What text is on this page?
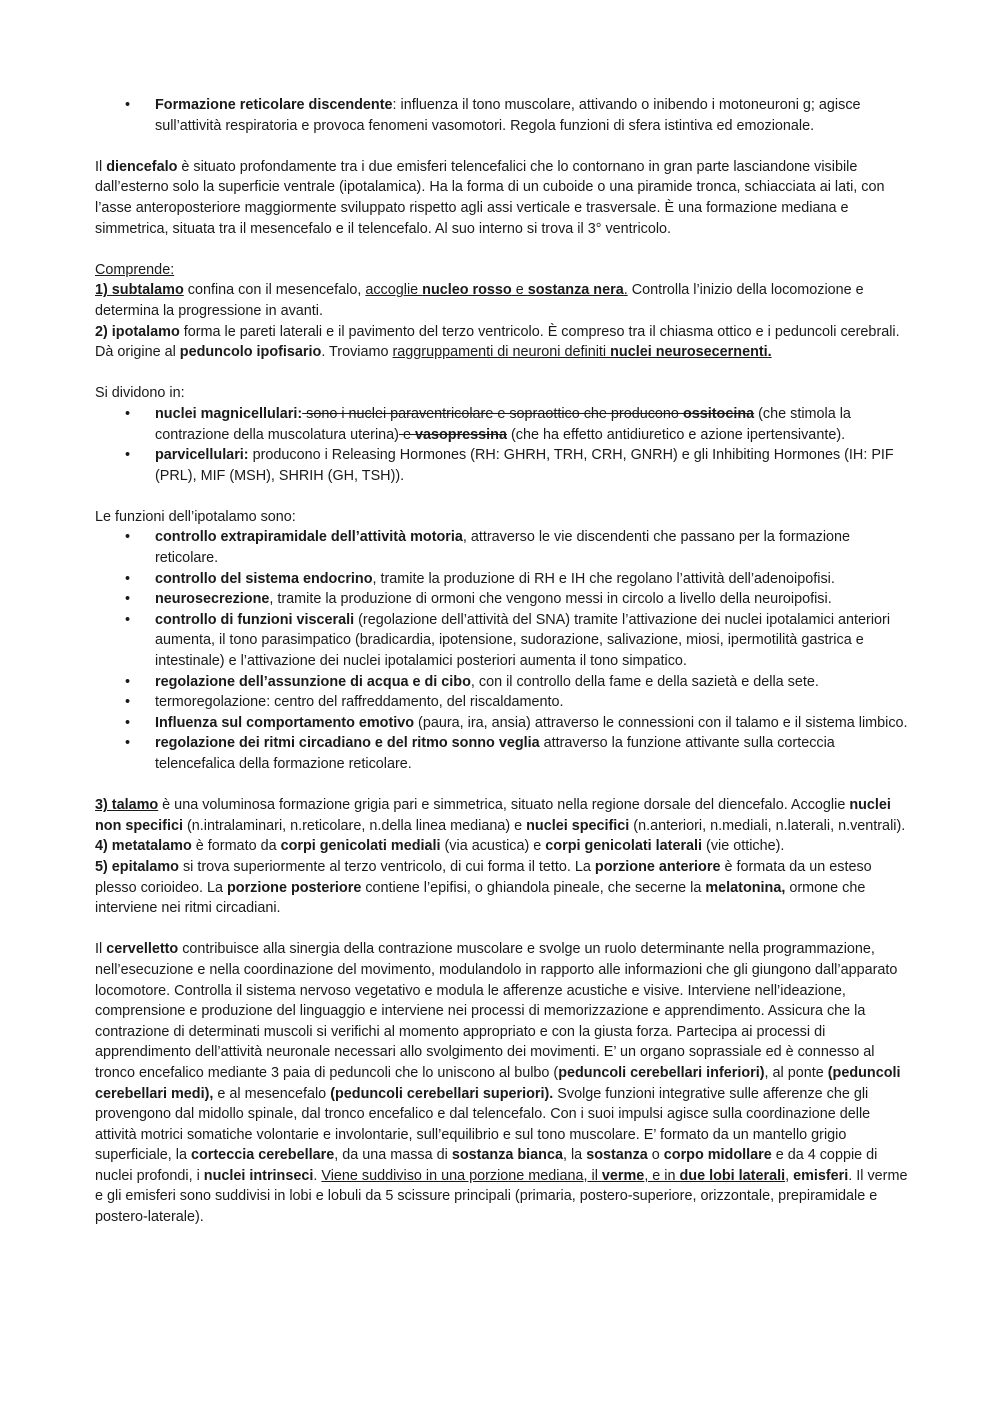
• Formazione reticolare discendente: influenza il tono muscolare, attivando o inibendo i motoneuroni g; agisce sull’attività respiratoria e provoca fenomeni vasomotori. Regola funzioni di sfera istintiva ed emozionale.

Il diencefalo è situato profondamente tra i due emisferi telencefalici che lo contornano in gran parte lasciandone visibile dall’esterno solo la superficie ventrale (ipotalamica). Ha la forma di un cuboide o una piramide tronca, schiacciata ai lati, con l’asse anteroposteriore maggiormente sviluppato rispetto agli assi verticale e trasversale. È una formazione mediana e simmetrica, situata tra il mesencefalo e il telencefalo. Al suo interno si trova il 3° ventricolo.

Comprende:

1) subtalamo confina con il mesencefalo, accoglie nucleo rosso e sostanza nera. Controlla l’inizio della locomozione e determina la progressione in avanti.

2) ipotalamo forma le pareti laterali e il pavimento del terzo ventricolo. È compreso tra il chiasma ottico e i peduncoli cerebrali. Dà origine al peduncolo ipofisario. Troviamo raggruppamenti di neuroni definiti nuclei neurosecernenti.

Si dividono in:

• nuclei magnicellulari: sono i nuclei paraventricolare e sopraottico che producono ossitocina (che stimola la contrazione della muscolatura uterina) e vasopressina (che ha effetto antidiuretico e azione ipertensivante).
• parvicellulari: producono i Releasing Hormones (RH: GHRH, TRH, CRH, GNRH) e gli Inhibiting Hormones (IH: PIF (PRL), MIF (MSH), SHRIH (GH, TSH)).

Le funzioni dell’ipotalamo sono:

• controllo extrapiramidale dell’attività motoria, attraverso le vie discendenti che passano per la formazione reticolare.
• controllo del sistema endocrino, tramite la produzione di RH e IH che regolano l’attività dell’adenoipofisi.
• neurosecrezione, tramite la produzione di ormoni che vengono messi in circolo a livello della neuroipofisi.
• controllo di funzioni viscerali (regolazione dell’attività del SNA) tramite l’attivazione dei nuclei ipotalamici anteriori aumenta, il tono parasimpatico (bradicardia, ipotensione, sudorazione, salivazione, miosi, ipermotilità gastrica e intestinale) e l’attivazione dei nuclei ipotalamici posteriori aumenta il tono simpatico.
• regolazione dell’assunzione di acqua e di cibo, con il controllo della fame e della sazietà e della sete.
• termoregolazione: centro del raffreddamento, del riscaldamento.
• Influenza sul comportamento emotivo (paura, ira, ansia) attraverso le connessioni con il talamo e il sistema limbico.
• regolazione dei ritmi circadiano e del ritmo sonno veglia attraverso la funzione attivante sulla corteccia telencefalica della formazione reticolare.

3) talamo è una voluminosa formazione grigia pari e simmetrica, situato nella regione dorsale del diencefalo. Accoglie nuclei non specifici (n.intralaminari, n.reticolare, n.della linea mediana) e nuclei specifici (n.anteriori, n.mediali, n.laterali, n.ventrali).

4) metatalamo è formato da corpi genicolati mediali (via acustica) e corpi genicolati laterali (vie ottiche).

5) epitalamo si trova superiormente al terzo ventricolo, di cui forma il tetto. La porzione anteriore è formata da un esteso plesso corioideo. La porzione posteriore contiene l’epifisi, o ghiandola pineale, che secerne la melatonina, ormone che interviene nei ritmi circadiani.

Il cervelletto contribuisce alla sinergia della contrazione muscolare e svolge un ruolo determinante nella programmazione, nell’esecuzione e nella coordinazione del movimento, modulandolo in rapporto alle informazioni che gli giungono dall’apparato locomotore. Controlla il sistema nervoso vegetativo e modula le afferenze acustiche e visive. Interviene nell’ideazione, comprensione e produzione del linguaggio e interviene nei processi di memorizzazione e apprendimento. Assicura che la contrazione di determinati muscoli si verifichi al momento appropriato e con la giusta forza. Partecipa ai processi di apprendimento dell’attività neuronale necessari allo svolgimento dei movimenti. E’ un organo soprassiale ed è connesso al tronco encefalico mediante 3 paia di peduncoli che lo uniscono al bulbo (peduncoli cerebellari inferiori), al ponte (peduncoli cerebellari medi), e al mesencefalo (peduncoli cerebellari superiori). Svolge funzioni integrative sulle afferenze che gli provengono dal midollo spinale, dal tronco encefalico e dal telencefalo. Con i suoi impulsi agisce sulla coordinazione delle attività motrici somatiche volontarie e involontarie, sull’equilibrio e sul tono muscolare. E’ formato da un mantello grigio superficiale, la corteccia cerebellare, da una massa di sostanza bianca, la sostanza o corpo midollare e da 4 coppie di nuclei profondi, i nuclei intrinseci. Viene suddiviso in una porzione mediana, il verme, e in due lobi laterali, emisferi. Il verme e gli emisferi sono suddivisi in lobi e lobuli da 5 scissure principali (primaria, postero-superiore, orizzontale, prepiramidale e postero-laterale).
